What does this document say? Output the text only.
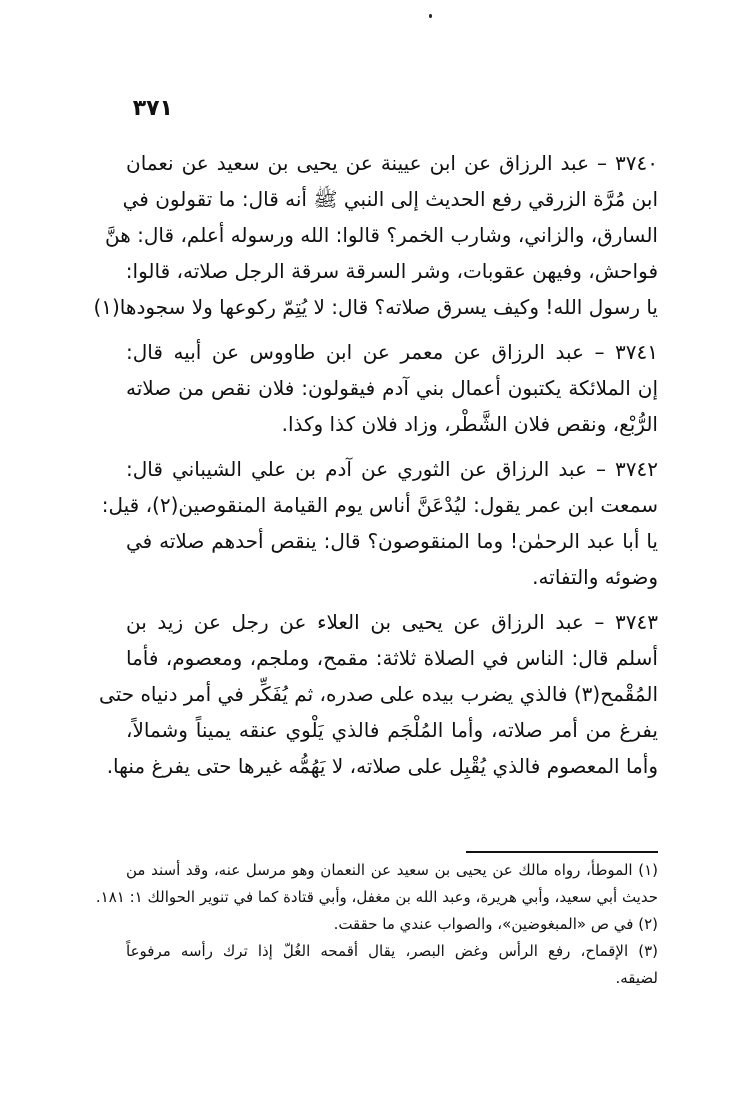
٣٧١
٣٧٤٠ – عبد الرزاق عن ابن عيينة عن يحيى بن سعيد عن نعمان
ابن مُرَّة الزرقي رفع الحديث إلى النبي ﷺ أنه قال: ما تقولون في
السارق، والزاني، وشارب الخمر؟ قالوا: الله ورسوله أعلم، قال: هنَّ
فواحش، وفيهن عقوبات، وشر السرقة سرقة الرجل صلاته، قالوا:
يا رسول الله! وكيف يسرق صلاته؟ قال: لا يُتِمّ ركوعها ولا سجودها(١)
٣٧٤١ – عبد الرزاق عن معمر عن ابن طاووس عن أبيه قال:
إن الملائكة يكتبون أعمال بني آدم فيقولون: فلان نقص من صلاته
الرُّبْع، ونقص فلان الشَّطْر، وزاد فلان كذا وكذا.
٣٧٤٢ – عبد الرزاق عن الثوري عن آدم بن علي الشيباني قال:
سمعت ابن عمر يقول: ليُدْعَنَّ أناس يوم القيامة المنقوصين(٢)، قيل:
يا أبا عبد الرحمٰن! وما المنقوصون؟ قال: ينقص أحدهم صلاته في
وضوئه والتفاته.
٣٧٤٣ – عبد الرزاق عن يحيى بن العلاء عن رجل عن زيد بن
أسلم قال: الناس في الصلاة ثلاثة: مقمح، وملجم، ومعصوم، فأما
المُقْمح(٣) فالذي يضرب بيده على صدره، ثم يُفَكِّر في أمر دنياه حتى
يفرغ من أمر صلاته، وأما المُلْجَم فالذي يَلْوي عنقه يميناً وشمالاً،
وأما المعصوم فالذي يُقْبِل على صلاته، لا يَهُمُّه غيرها حتى يفرغ منها.
(١) الموطأ، رواه مالك عن يحيى بن سعيد عن النعمان وهو مرسل عنه، وقد أسند من
حديث أبي سعيد، وأبي هريرة، وعبد الله بن مغفل، وأبي قتادة كما في تنوير الحوالك ١: ١٨١.
(٢) في ص «المبغوضين»، والصواب عندي ما حققت.
(٣) الإقماح، رفع الرأس وغض البصر، يقال أقمحه الغُلّ إذا ترك رأسه مرفوعاً
لضيقه.
